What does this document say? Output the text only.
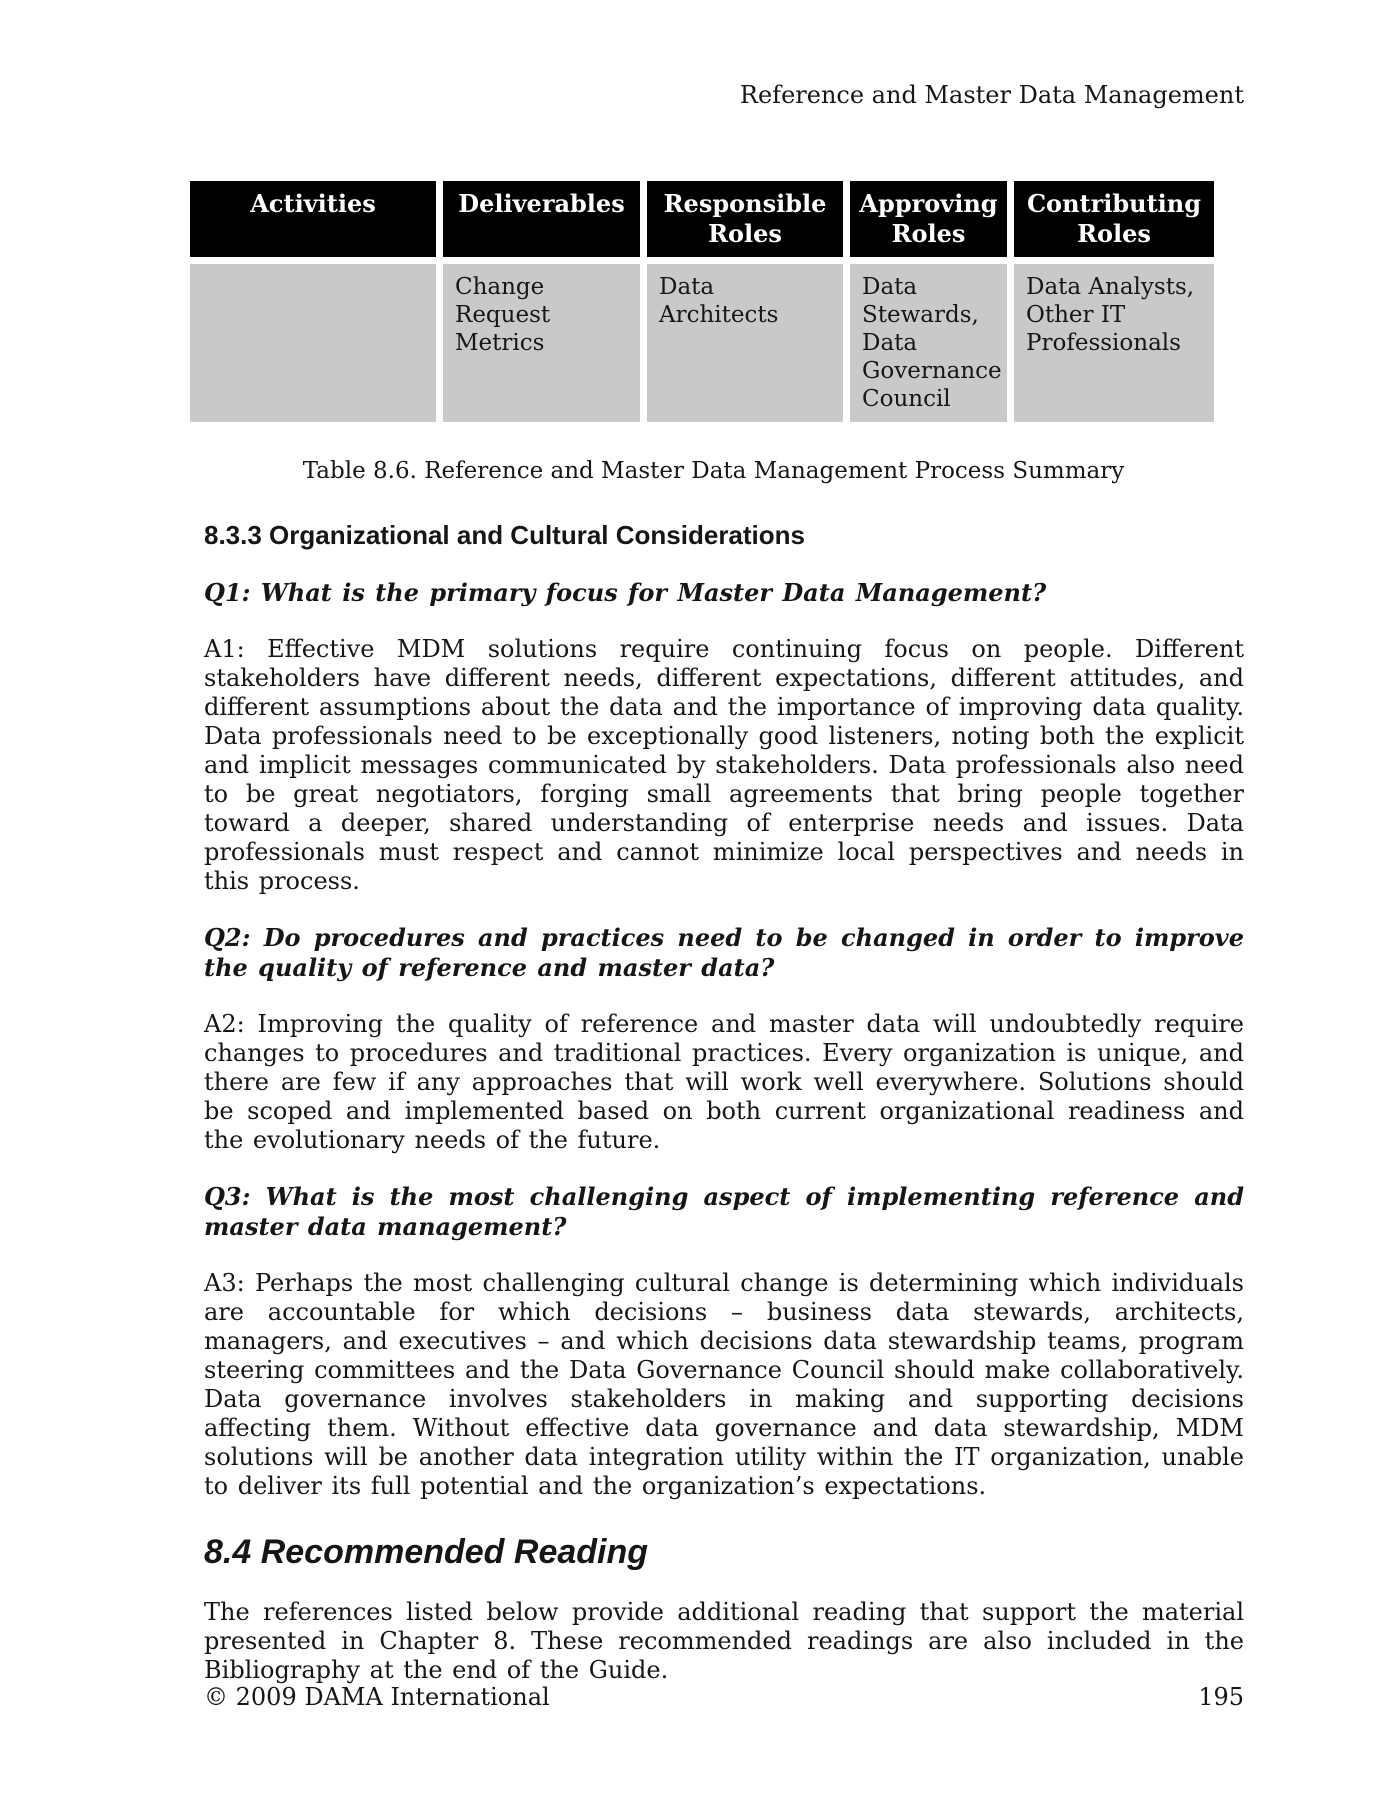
Reference and Master Data Management
Activities	Deliverables	Responsible Roles	Approving Roles	Contributing Roles
	Change Request Metrics	Data Architects	Data Stewards, Data Governance Council	Data Analysts, Other IT Professionals
Table 8.6. Reference and Master Data Management Process Summary
8.3.3 Organizational and Cultural Considerations

Q1: What is the primary focus for Master Data Management?

A1: Effective MDM solutions require continuing focus on people. Different stakeholders have different needs, different expectations, different attitudes, and different assumptions about the data and the importance of improving data quality. Data professionals need to be exceptionally good listeners, noting both the explicit and implicit messages communicated by stakeholders. Data professionals also need to be great negotiators, forging small agreements that bring people together toward a deeper, shared understanding of enterprise needs and issues. Data professionals must respect and cannot minimize local perspectives and needs in this process.

Q2: Do procedures and practices need to be changed in order to improve the quality of reference and master data?

A2: Improving the quality of reference and master data will undoubtedly require changes to procedures and traditional practices. Every organization is unique, and there are few if any approaches that will work well everywhere. Solutions should be scoped and implemented based on both current organizational readiness and the evolutionary needs of the future.

Q3: What is the most challenging aspect of implementing reference and master data management?

A3: Perhaps the most challenging cultural change is determining which individuals are accountable for which decisions – business data stewards, architects, managers, and executives – and which decisions data stewardship teams, program steering committees and the Data Governance Council should make collaboratively. Data governance involves stakeholders in making and supporting decisions affecting them. Without effective data governance and data stewardship, MDM solutions will be another data integration utility within the IT organization, unable to deliver its full potential and the organization’s expectations.

8.4 Recommended Reading

The references listed below provide additional reading that support the material presented in Chapter 8. These recommended readings are also included in the Bibliography at the end of the Guide.

© 2009 DAMA International	195
